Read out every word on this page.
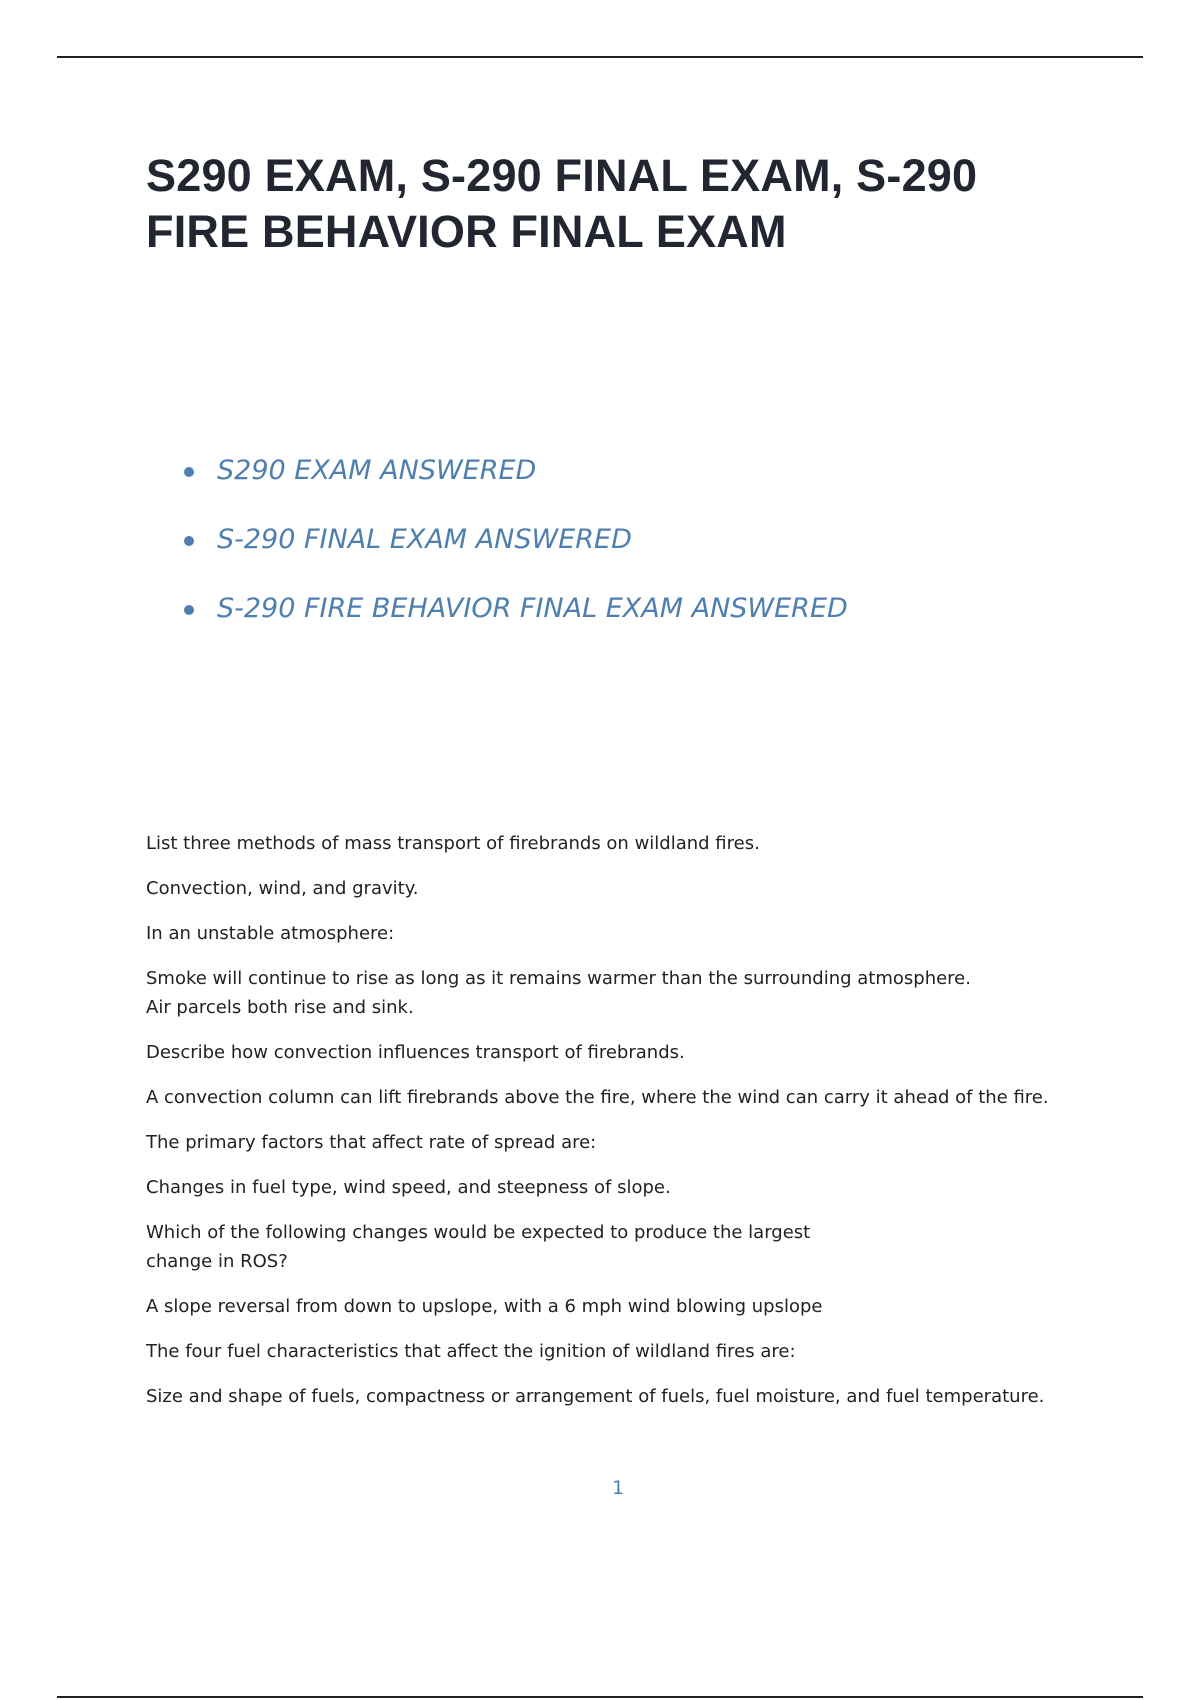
S290 EXAM, S-290 FINAL EXAM, S-290
FIRE BEHAVIOR FINAL EXAM
S290 EXAM ANSWERED
S-290 FINAL EXAM ANSWERED
S-290 FIRE BEHAVIOR FINAL EXAM ANSWERED

List three methods of mass transport of firebrands on wildland fires.

Convection, wind, and gravity.

In an unstable atmosphere:

Smoke will continue to rise as long as it remains warmer than the surrounding atmosphere.
Air parcels both rise and sink.

Describe how convection influences transport of firebrands.

A convection column can lift firebrands above the fire, where the wind can carry it ahead of the fire.

The primary factors that affect rate of spread are:

Changes in fuel type, wind speed, and steepness of slope.

Which of the following changes would be expected to produce the largest
change in ROS?

A slope reversal from down to upslope, with a 6 mph wind blowing upslope

The four fuel characteristics that affect the ignition of wildland fires are:

Size and shape of fuels, compactness or arrangement of fuels, fuel moisture, and fuel temperature.

1
